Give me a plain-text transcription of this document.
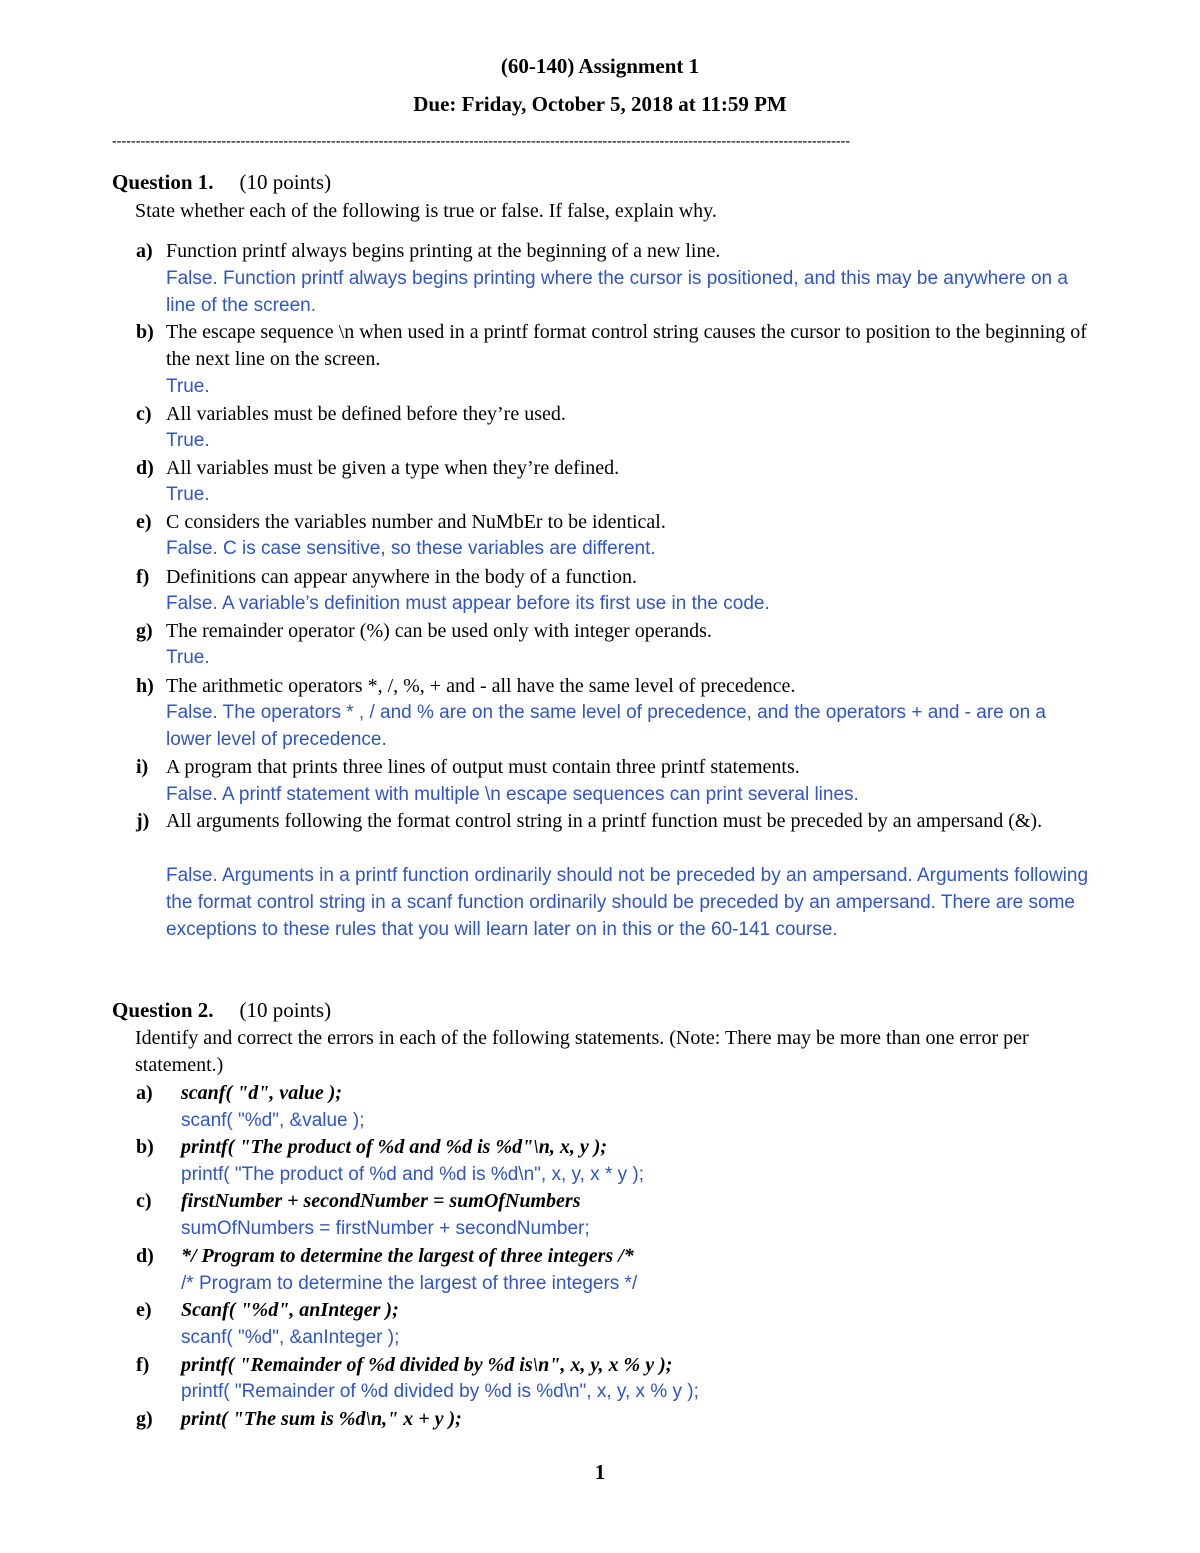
(60-140) Assignment 1
Due: Friday, October 5, 2018 at 11:59 PM
-----------------------------------------------------------------------------------------------------------------------------------------------------------
Question 1. (10 points)
State whether each of the following is true or false. If false, explain why.
a) Function printf always begins printing at the beginning of a new line.
False. Function printf always begins printing where the cursor is positioned, and this may be anywhere on a line of the screen.
b) The escape sequence \n when used in a printf format control string causes the cursor to position to the beginning of the next line on the screen.
True.
c) All variables must be defined before they’re used.
True.
d) All variables must be given a type when they’re defined.
True.
e) C considers the variables number and NuMbEr to be identical.
False. C is case sensitive, so these variables are different.
f) Definitions can appear anywhere in the body of a function.
False. A variable’s definition must appear before its first use in the code.
g) The remainder operator (%) can be used only with integer operands.
True.
h) The arithmetic operators *, /, %, + and - all have the same level of precedence.
False. The operators * , / and % are on the same level of precedence, and the operators + and - are on a lower level of precedence.
i) A program that prints three lines of output must contain three printf statements.
False. A printf statement with multiple \n escape sequences can print several lines.
j) All arguments following the format control string in a printf function must be preceded by an ampersand (&).
False. Arguments in a printf function ordinarily should not be preceded by an ampersand. Arguments following the format control string in a scanf function ordinarily should be preceded by an ampersand. There are some exceptions to these rules that you will learn later on in this or the 60-141 course.
Question 2. (10 points)
Identify and correct the errors in each of the following statements. (Note: There may be more than one error per statement.)
a) scanf( "d", value );
scanf( "%d", &value );
b) printf( "The product of %d and %d is %d"\n, x, y );
printf( "The product of %d and %d is %d\n", x, y, x * y );
c) firstNumber + secondNumber = sumOfNumbers
sumOfNumbers = firstNumber + secondNumber;
d) */ Program to determine the largest of three integers /*
/* Program to determine the largest of three integers */
e) Scanf( "%d", anInteger );
scanf( "%d", &anInteger );
f) printf( "Remainder of %d divided by %d is\n", x, y, x % y );
printf( "Remainder of %d divided by %d is %d\n", x, y, x % y );
g) print( "The sum is %d\n," x + y );
1
